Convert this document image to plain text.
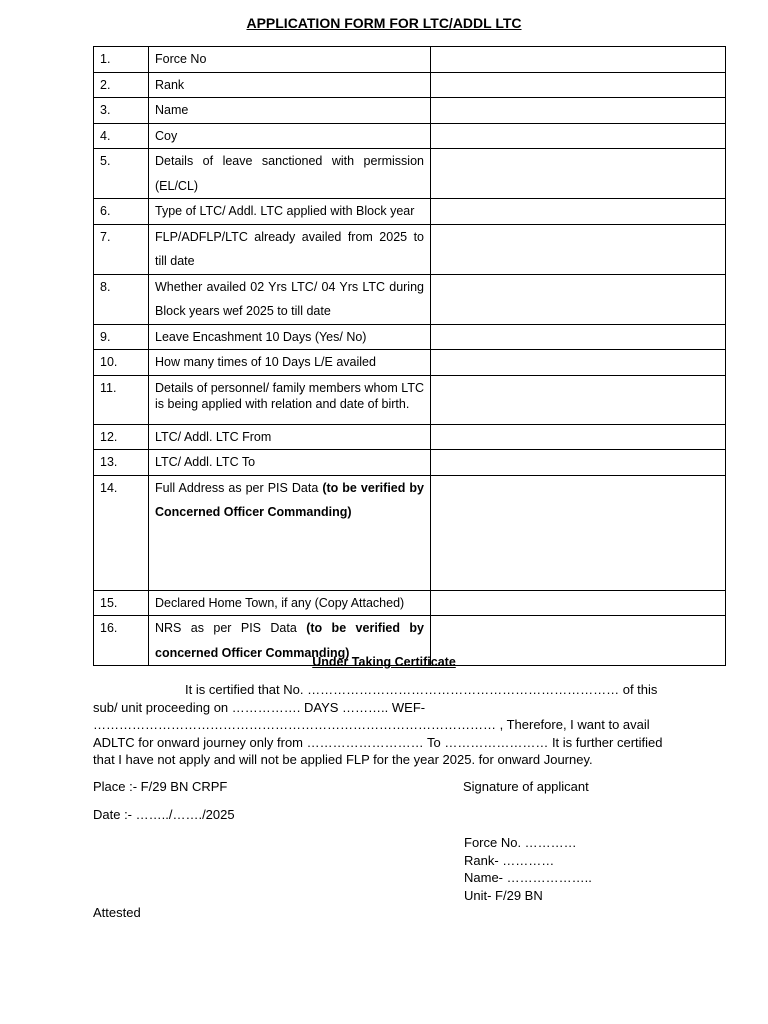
APPLICATION FORM FOR LTC/ADDL LTC
1.	Force No	
2.	Rank	
3.	Name	
4.	Coy	
5.	Details of leave sanctioned with permission (EL/CL)	
6.	Type of LTC/ Addl. LTC applied with Block year	
7.	FLP/ADFLP/LTC already availed from 2025 to till date	
8.	Whether availed 02 Yrs LTC/ 04 Yrs LTC during Block years wef 2025 to till date	
9.	Leave Encashment 10 Days (Yes/ No)	
10.	How many times of 10 Days L/E availed	
11.	Details of personnel/ family members whom LTC is being applied with relation and date of birth.	

12.	LTC/ Addl. LTC From	
13.	LTC/ Addl. LTC To	
14.	Full Address as per PIS Data (to be verified by Concerned Officer Commanding)	
15.	Declared Home Town, if any (Copy Attached)	
16.	NRS as per PIS Data (to be verified by concerned Officer Commanding)	
Under Taking Certificate
It is certified that No. ……………………………………………………………… of this sub/ unit proceeding on ……………. DAYS ……….. WEF- ………………………………………………………………………………… , Therefore, I want to avail ADLTC for onward journey only from ……………………… To …………………… It is further certified that I have not apply and will not be applied FLP for the year 2025. for onward Journey.
Place :- F/29 BN CRPF	Signature of applicant
Date :- ……../……./2025
Force No. …………
Rank- …………
Name- ………………..
Unit- F/29 BN
Attested
